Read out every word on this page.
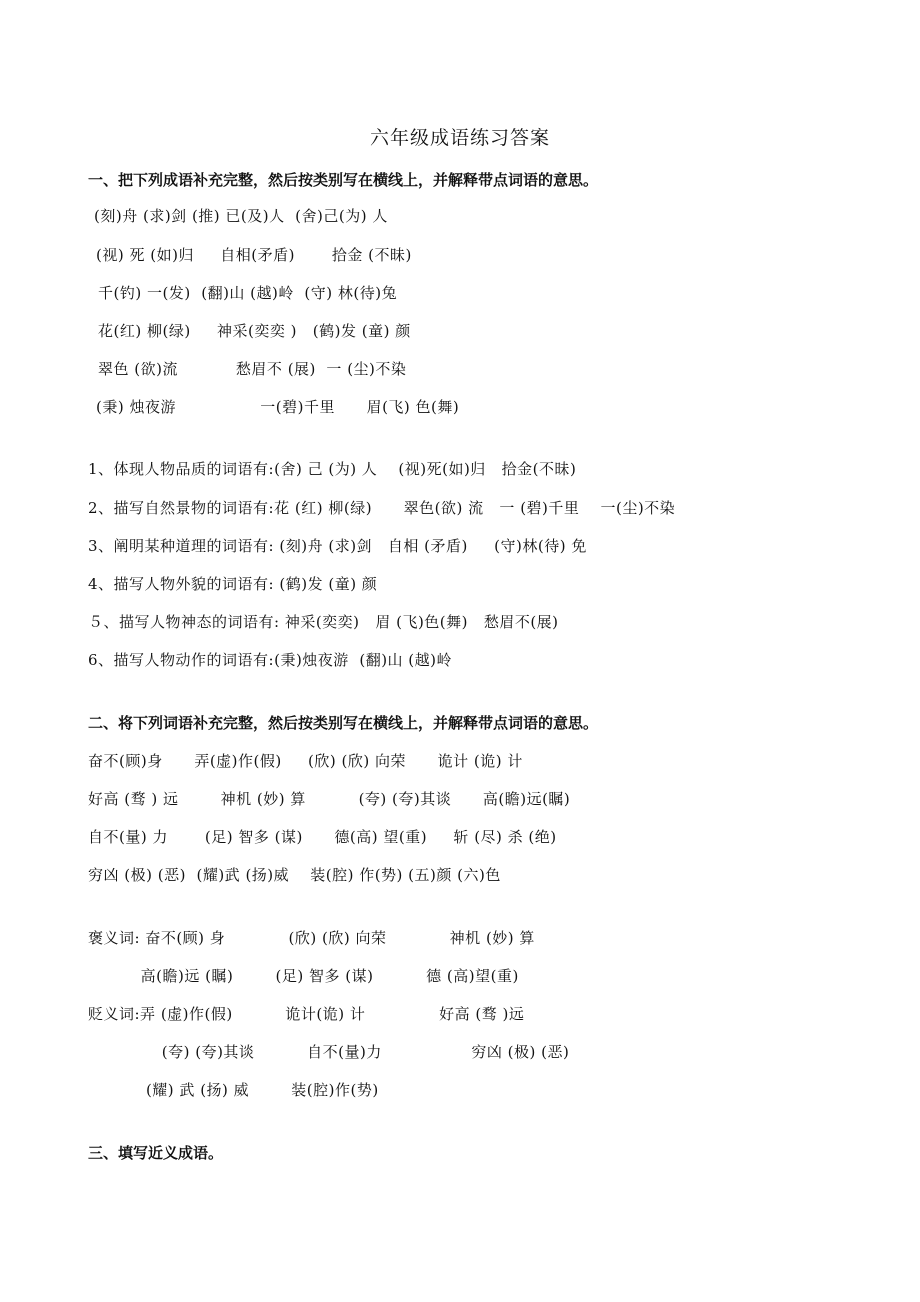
六年级成语练习答案
一、把下列成语补充完整，然后按类别写在横线上，并解释带点词语的意思。
(刻)舟 (求)剑 (推) 已(及)人  (舍)己(为) 人
(视) 死 (如)归     自相(矛盾)       拾金 (不昧)
千(钓) 一(发)  (翻)山 (越)岭  (守) 林(待)兔
花(红) 柳(绿)     神采(奕奕 )   (鹤)发 (童) 颜
翠色 (欲)流           愁眉不 (展)  一 (尘)不染
(秉) 烛夜游                一(碧)千里      眉(飞) 色(舞)
1、体现人物品质的词语有:(舍) 己 (为) 人    (视)死(如)归   拾金(不昧)
2、描写自然景物的词语有:花 (红) 柳(绿)      翠色(欲) 流   一 (碧)千里    一(尘)不染
3、阐明某种道理的词语有: (刻)舟 (求)剑   自相 (矛盾)     (守)林(待) 免
4、描写人物外貌的词语有: (鹤)发 (童) 颜
５、描写人物神态的词语有: 神采(奕奕)   眉 (飞)色(舞)   愁眉不(展)
6、描写人物动作的词语有:(秉)烛夜游  (翻)山 (越)岭
二、将下列词语补充完整，然后按类别写在横线上，并解释带点词语的意思。
奋不(顾)身      弄(虚)作(假)     (欣) (欣) 向荣      诡计 (诡) 计
好高 (骛 ) 远        神机 (妙) 算          (夸) (夸)其谈      高(瞻)远(瞩)
自不(量) 力       (足) 智多 (谋)      德(高) 望(重)     斩 (尽) 杀 (绝)
穷凶 (极) (恶)  (耀)武 (扬)威    装(腔) 作(势) (五)颜 (六)色
褒义词: 奋不(顾) 身            (欣) (欣) 向荣            神机 (妙) 算
高(瞻)远 (瞩)        (足) 智多 (谋)          德 (高)望(重)
贬义词:弄 (虚)作(假)          诡计(诡) 计              好高 (骛 )远
(夸) (夸)其谈          自不(量)力                 穷凶 (极) (恶)
(耀) 武 (扬) 威        装(腔)作(势)
三、填写近义成语。
